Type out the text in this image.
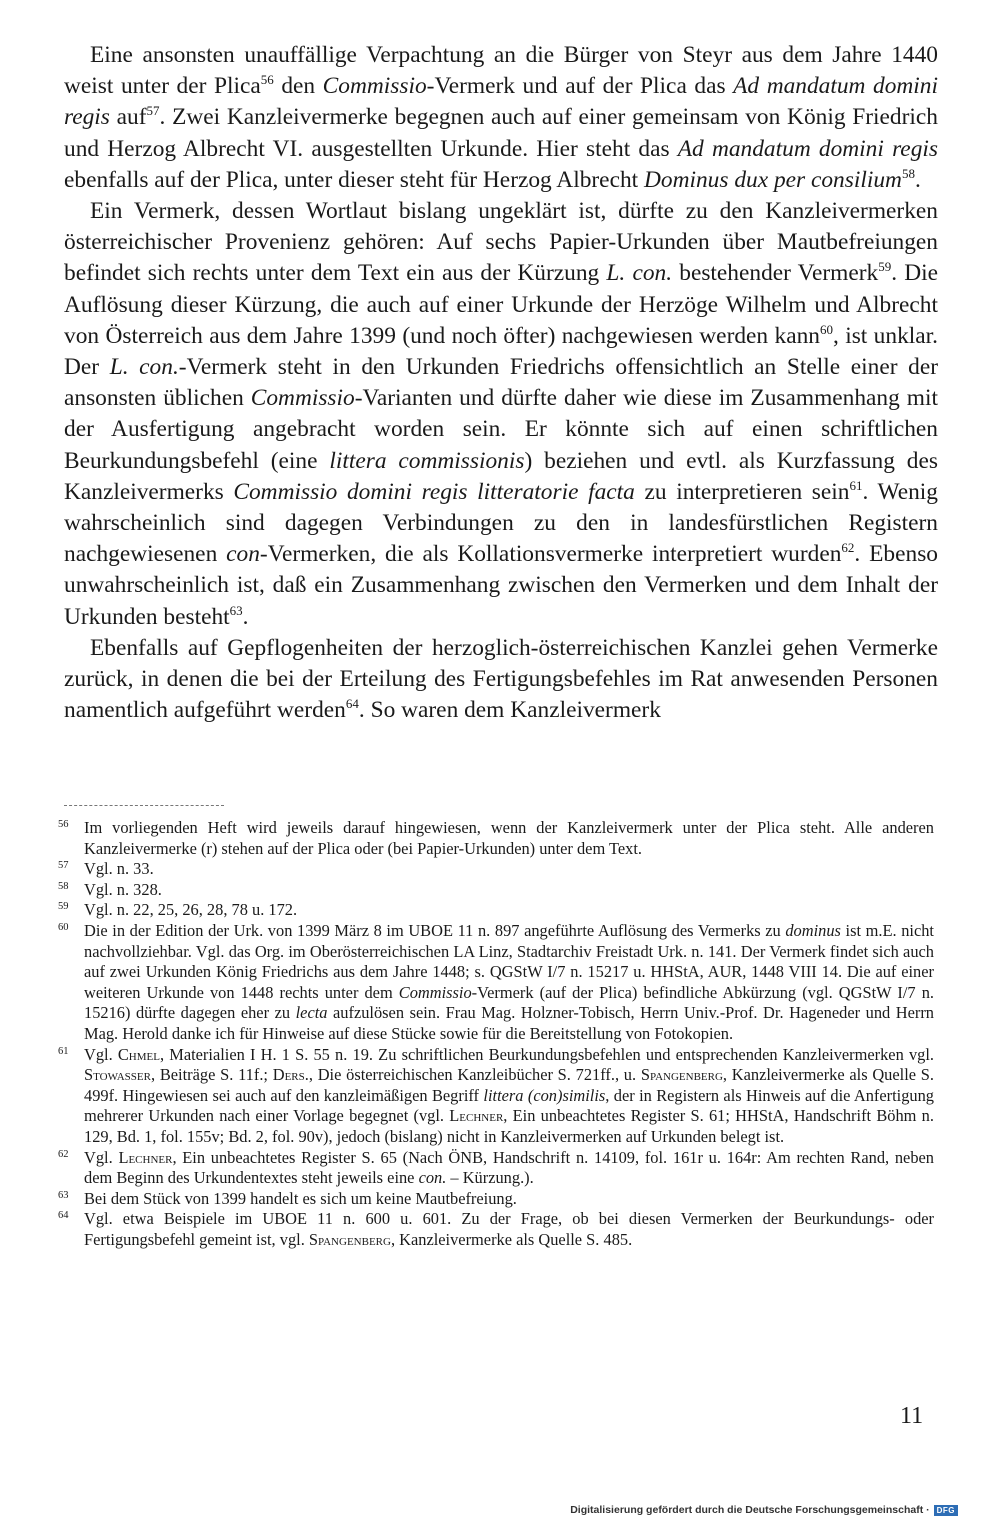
Eine ansonsten unauffällige Verpachtung an die Bürger von Steyr aus dem Jahre 1440 weist unter der Plica$^{56}$ den Commissio-Vermerk und auf der Plica das Ad mandatum domini regis auf$^{57}$. Zwei Kanzleivermerke begegnen auch auf einer gemeinsam von König Friedrich und Herzog Albrecht VI. ausgestellten Urkunde. Hier steht das Ad mandatum domini regis ebenfalls auf der Plica, unter dieser steht für Herzog Albrecht Dominus dux per consilium$^{58}$.

Ein Vermerk, dessen Wortlaut bislang ungeklärt ist, dürfte zu den Kanzleivermerken österreichischer Provenienz gehören: Auf sechs Papier-Urkunden über Mautbefreiungen befindet sich rechts unter dem Text ein aus der Kürzung L. con. bestehender Vermerk$^{59}$. Die Auflösung dieser Kürzung, die auch auf einer Urkunde der Herzöge Wilhelm und Albrecht von Österreich aus dem Jahre 1399 (und noch öfter) nachgewiesen werden kann$^{60}$, ist unklar. Der L. con.-Vermerk steht in den Urkunden Friedrichs offensichtlich an Stelle einer der ansonsten üblichen Commissio-Varianten und dürfte daher wie diese im Zusammenhang mit der Ausfertigung angebracht worden sein. Er könnte sich auf einen schriftlichen Beurkundungsbefehl (eine littera commissionis) beziehen und evtl. als Kurzfassung des Kanzleivermerks Commissio domini regis litteratorie facta zu interpretieren sein$^{61}$. Wenig wahrscheinlich sind dagegen Verbindungen zu den in landesfürstlichen Registern nachgewiesenen con-Vermerken, die als Kollationsvermerke interpretiert wurden$^{62}$. Ebenso unwahrscheinlich ist, daß ein Zusammenhang zwischen den Vermerken und dem Inhalt der Urkunden besteht$^{63}$.

Ebenfalls auf Gepflogenheiten der herzoglich-österreichischen Kanzlei gehen Vermerke zurück, in denen die bei der Erteilung des Fertigungsbefehles im Rat anwesenden Personen namentlich aufgeführt werden$^{64}$. So waren dem Kanzleivermerk

56 Im vorliegenden Heft wird jeweils darauf hingewiesen, wenn der Kanzleivermerk unter der Plica steht. Alle anderen Kanzleivermerke (r) stehen auf der Plica oder (bei Papier-Urkunden) unter dem Text.
57 Vgl. n. 33.
58 Vgl. n. 328.
59 Vgl. n. 22, 25, 26, 28, 78 u. 172.
60 Die in der Edition der Urk. von 1399 März 8 im UBOE 11 n. 897 angeführte Auflösung des Vermerks zu dominus ist m.E. nicht nachvollziehbar. Vgl. das Org. im Oberösterreichischen LA Linz, Stadtarchiv Freistadt Urk. n. 141. Der Vermerk findet sich auch auf zwei Urkunden König Friedrichs aus dem Jahre 1448; s. QGStW I/7 n. 15217 u. HHStA, AUR, 1448 VIII 14. Die auf einer weiteren Urkunde von 1448 rechts unter dem Commissio-Vermerk (auf der Plica) befindliche Abkürzung (vgl. QGStW I/7 n. 15216) dürfte dagegen eher zu lecta aufzulösen sein. Frau Mag. Holzner-Tobisch, Herrn Univ.-Prof. Dr. Hageneder und Herrn Mag. Herold danke ich für Hinweise auf diese Stücke sowie für die Bereitstellung von Fotokopien.
61 Vgl. Chmel, Materialien I H. 1 S. 55 n. 19. Zu schriftlichen Beurkundungsbefehlen und entsprechenden Kanzleivermerken vgl. Stowasser, Beiträge S. 11f.; Ders., Die österreichischen Kanzleibücher S. 721ff., u. Spangenberg, Kanzleivermerke als Quelle S. 499f. Hingewiesen sei auch auf den kanzleimäßigen Begriff littera (con)similis, der in Registern als Hinweis auf die Anfertigung mehrerer Urkunden nach einer Vorlage begegnet (vgl. Lechner, Ein unbeachtetes Register S. 61; HHStA, Handschrift Böhm n. 129, Bd. 1, fol. 155v; Bd. 2, fol. 90v), jedoch (bislang) nicht in Kanzleivermerken auf Urkunden belegt ist.
62 Vgl. Lechner, Ein unbeachtetes Register S. 65 (Nach ÖNB, Handschrift n. 14109, fol. 161r u. 164r: Am rechten Rand, neben dem Beginn des Urkundentextes steht jeweils eine con. – Kürzung.).
63 Bei dem Stück von 1399 handelt es sich um keine Mautbefreiung.
64 Vgl. etwa Beispiele im UBOE 11 n. 600 u. 601. Zu der Frage, ob bei diesen Vermerken der Beurkundungs- oder Fertigungsbefehl gemeint ist, vgl. Spangenberg, Kanzleivermerke als Quelle S. 485.
11
Digitalisierung gefördert durch die Deutsche Forschungsgemeinschaft · DFG
